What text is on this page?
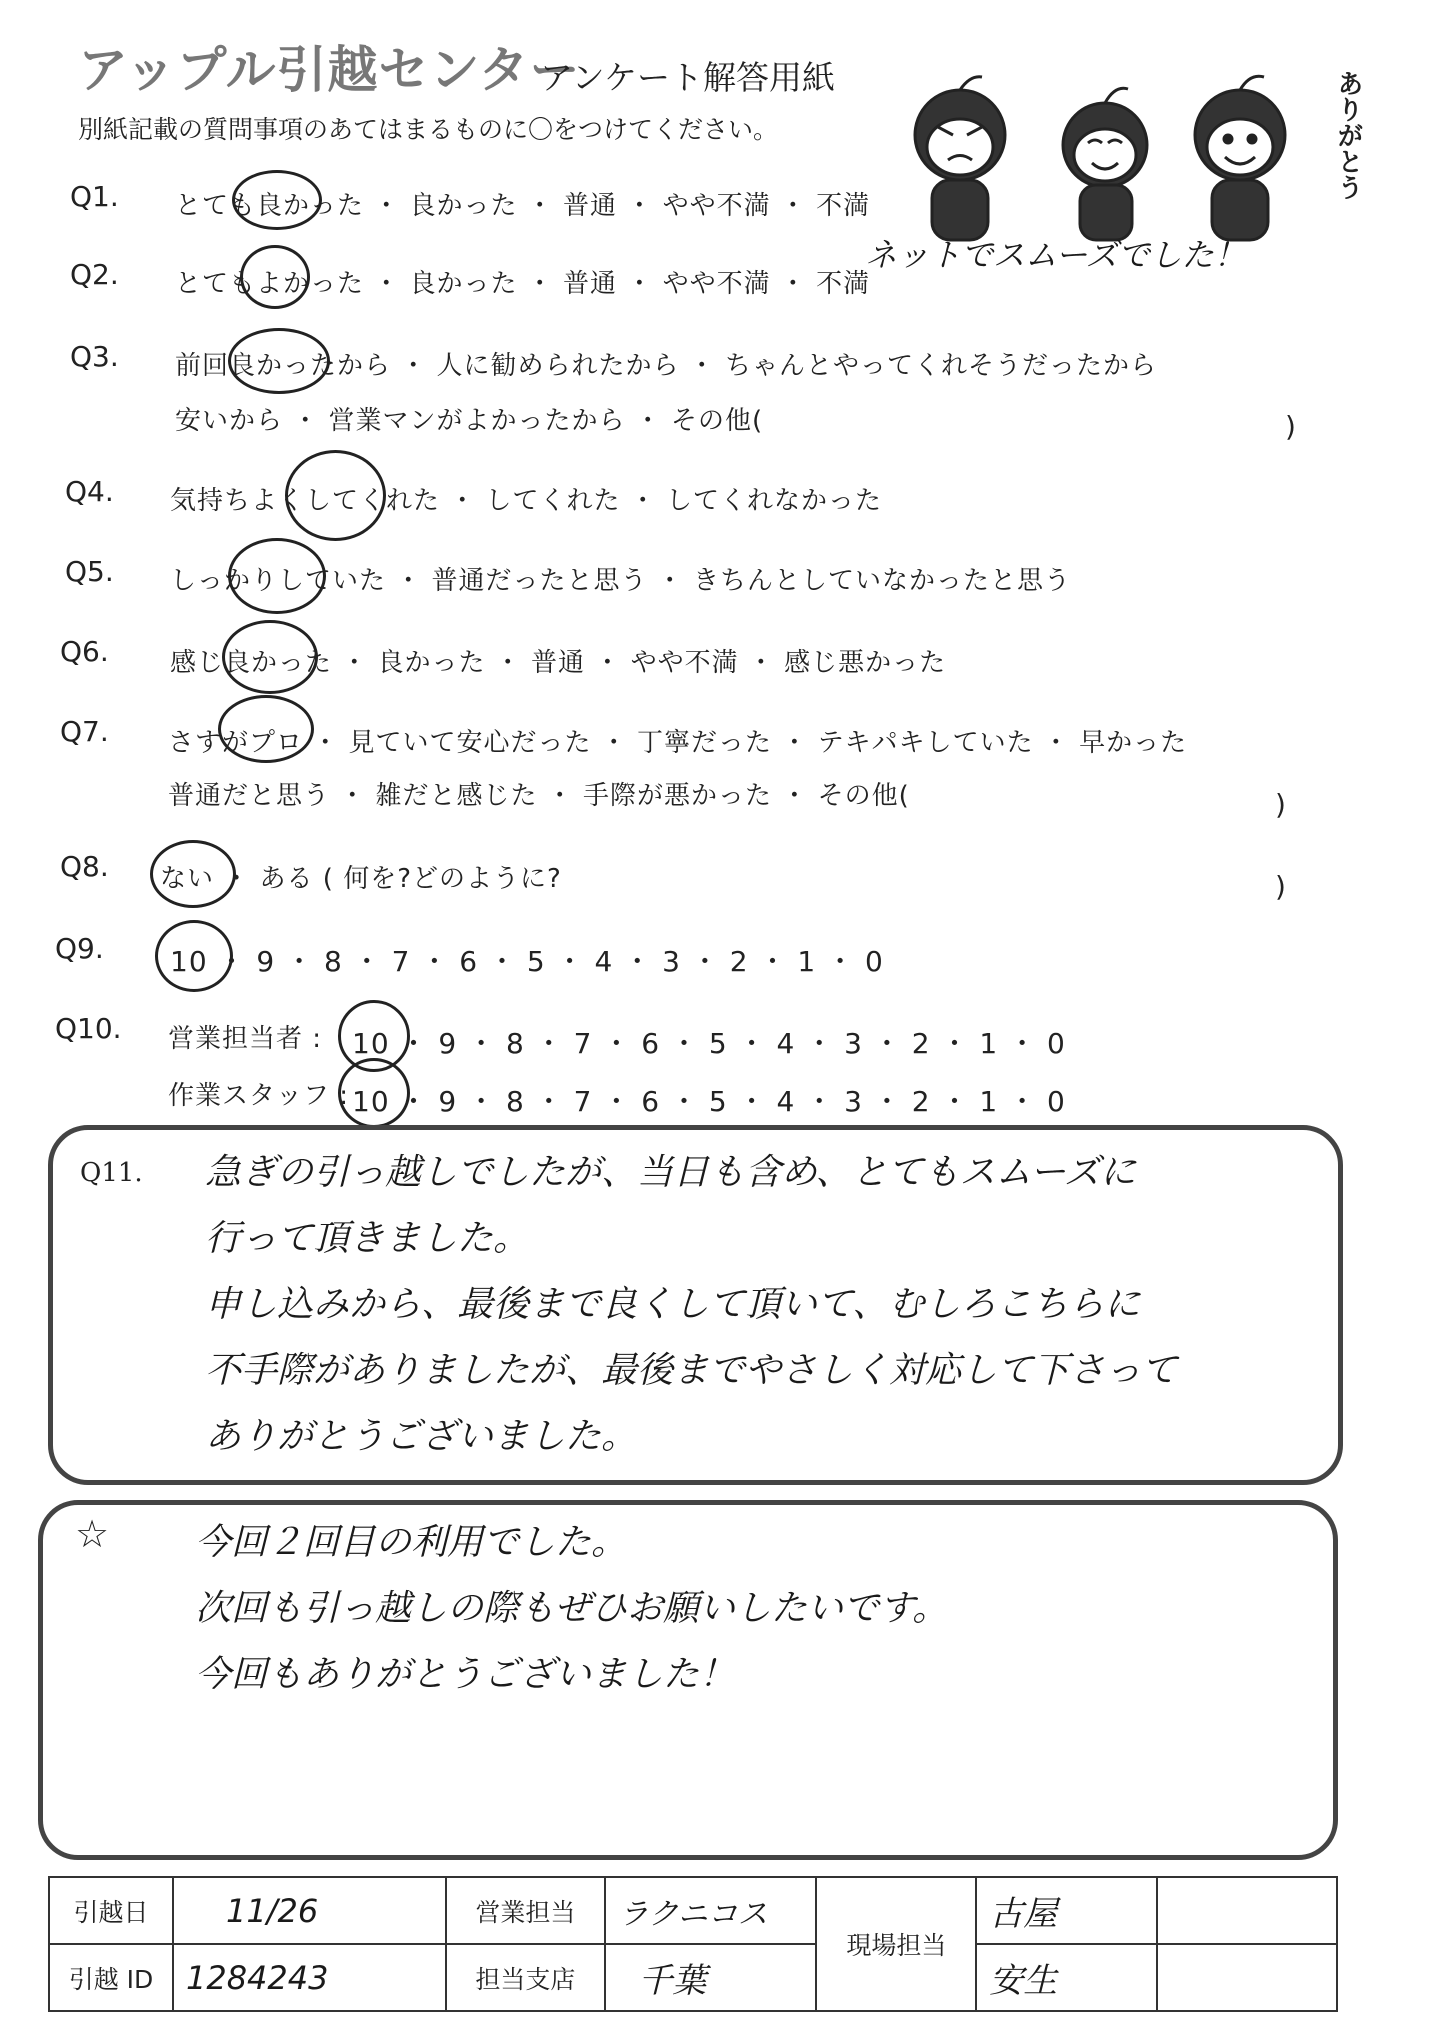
アップル引越センター
アンケート解答用紙
別紙記載の質問事項のあてはまるものに〇をつけてください。	ありがとう
Q1. とても良かった ・ 良かった ・ 普通 ・ やや不満 ・ 不満
Q2. とてもよかった ・ 良かった ・ 普通 ・ やや不満 ・ 不満
ネットでスムーズでした！
Q3. 前回良かったから ・ 人に勧められたから ・ ちゃんとやってくれそうだったから
安いから ・ 営業マンがよかったから ・ その他(	)
Q4. 気持ちよくしてくれた ・ してくれた ・ してくれなかった
Q5. しっかりしていた ・ 普通だったと思う ・ きちんとしていなかったと思う
Q6. 感じ良かった ・ 良かった ・ 普通 ・ やや不満 ・ 感じ悪かった
Q7. さすがプロ ・ 見ていて安心だった ・ 丁寧だった ・ テキパキしていた ・ 早かった
普通だと思う ・ 雑だと感じた ・ 手際が悪かった ・ その他(	)
Q8. ない ・ ある ( 何を?どのように?	)
Q9. 10 ・ 9 ・ 8 ・ 7 ・ 6 ・ 5 ・ 4 ・ 3 ・ 2 ・ 1 ・ 0
Q10. 営業担当者 : 10 ・ 9 ・ 8 ・ 7 ・ 6 ・ 5 ・ 4 ・ 3 ・ 2 ・ 1 ・ 0
作業スタッフ : 10 ・ 9 ・ 8 ・ 7 ・ 6 ・ 5 ・ 4 ・ 3 ・ 2 ・ 1 ・ 0
Q11. 急ぎの引っ越しでしたが、当日も含め、とてもスムーズに
行って頂きました。
申し込みから、最後まで良くして頂いて、むしろこちらに
不手際がありましたが、最後までやさしく対応して下さって
ありがとうございました。
☆ 今回２回目の利用でした。
次回も引っ越しの際もぜひお願いしたいです。
今回もありがとうございました！
引越日	11/26	営業担当	ラクニコス	現場担当	古屋	
引越 ID	1284243	担当支店	千葉		安生	
